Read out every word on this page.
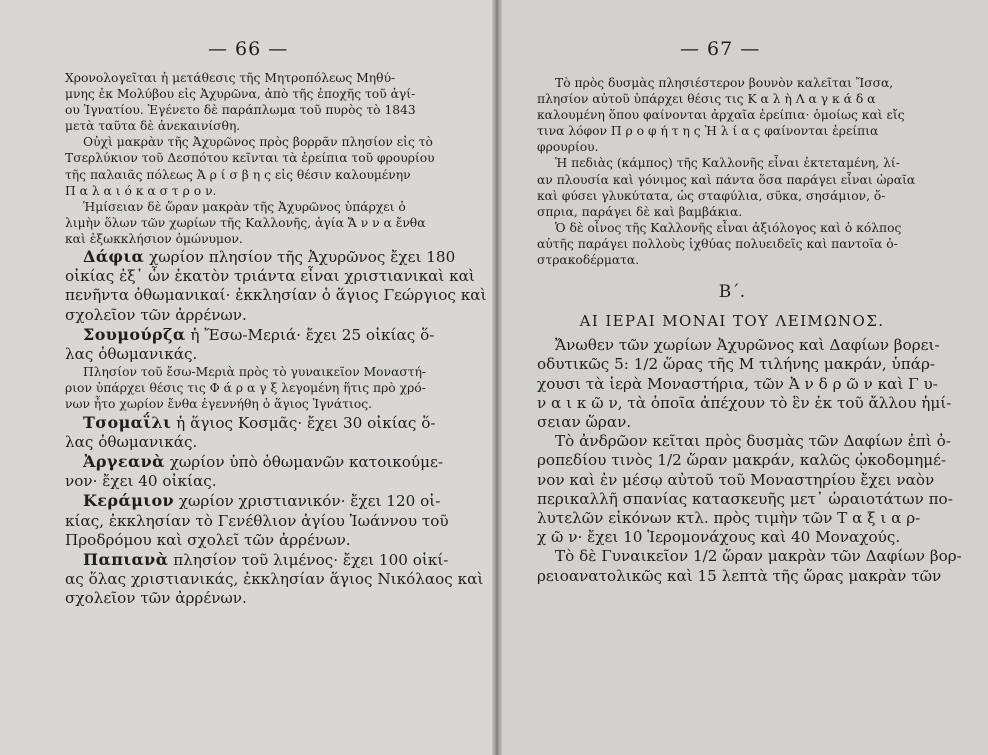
— 66 —
Χρονολογεῖται ἡ μετάθεσις τῆς Μητροπόλεως Μηθύ-
μνης ἐκ Μολύβου εἰς Ἀχυρῶνα, ἀπὸ τῆς ἐποχῆς τοῦ ἁγί-
ου Ἰγνατίου. Ἐγένετο δὲ παράπλωμα τοῦ πυρὸς τὸ 1843
μετὰ ταῦτα δὲ ἀνεκαινίσθη.
Οὐχὶ μακρὰν τῆς Ἀχυρῶνος πρὸς βορρᾶν πλησίον εἰς τὸ
Τσερλύκιον τοῦ Δεσπότου κεῖνται τὰ ἐρείπια τοῦ φρουρίου
τῆς παλαιᾶς πόλεως Ἀ ρ ί σ β η ς εἰς θέσιν καλουμένην
Π α λ α ι ό κ α σ τ ρ ο ν.
Ἡμίσειαν δὲ ὥραν μακρὰν τῆς Ἀχυρῶνος ὑπάρχει ὁ
λιμὴν ὅλων τῶν χωρίων τῆς Καλλονῆς, ἁγία Ἄ ν ν α ἔνθα
καὶ ἐξωκκλήσιον ὁμώνυμον.
Δάφια χωρίον πλησίον τῆς Ἀχυρῶνος ἔχει 180
οἰκίας ἐξ᾽ ὧν ἑκατὸν τριάντα εἶναι χριστιανικαὶ καὶ
πενῆντα ὀθωμανικαί· ἐκκλησίαν ὁ ἅγιος Γεώργιος καὶ
σχολεῖον τῶν ἀρρένων.
Σουμούρζα ἡ Ἔσω-Μεριά· ἔχει 25 οἰκίας ὅ-
λας ὀθωμανικάς.
Πλησίον τοῦ ἔσω-Μεριὰ πρὸς τὸ γυναικεῖον Μοναστή-
ριον ὑπάρχει θέσις τις Φ ά ρ α γ ξ λεγομένη ἥτις πρὸ χρό-
νων ἦτο χωρίον ἔνθα ἐγεννήθη ὁ ἅγιος Ἰγνάτιος.
Τσομαΐλι ἡ ἅγιος Κοσμᾶς· ἔχει 30 οἰκίας ὅ-
λας ὀθωμανικάς.
Ἀργεανὰ χωρίον ὑπὸ ὀθωμανῶν κατοικούμε-
νον· ἔχει 40 οἰκίας.
Κεράμιον χωρίον χριστιανικόν· ἔχει 120 οἰ-
κίας, ἐκκλησίαν τὸ Γενέθλιον ἁγίου Ἰωάννου τοῦ
Προδρόμου καὶ σχολεῖ τῶν ἀρρένων.
Παπιανὰ πλησίον τοῦ λιμένος· ἔχει 100 οἰκί-
ας ὅλας χριστιανικάς, ἐκκλησίαν ἅγιος Νικόλαος καὶ
σχολεῖον τῶν ἀρρένων.
— 67 —
Τὸ πρὸς δυσμὰς πλησιέστερον βουνὸν καλεῖται Ἴσσα,
πλησίον αὐτοῦ ὑπάρχει θέσις τις Κ α λ ὴ Λ α γ κ ά δ α
καλουμένη ὅπου φαίνονται ἀρχαῖα ἐρείπια· ὁμοίως καὶ εἴς
τινα λόφον Π ρ ο φ ή τ η ς Ἠ λ ί α ς φαίνονται ἐρείπια
φρουρίου.
Ἡ πεδιὰς (κάμπος) τῆς Καλλονῆς εἶναι ἐκτεταμένη, λί-
αν πλουσία καὶ γόνιμος καὶ πάντα ὅσα παράγει εἶναι ὡραῖα
καὶ φύσει γλυκύτατα, ὡς σταφύλια, σῦκα, σησάμιον, ὄ-
σπρια, παράγει δὲ καὶ βαμβάκια.
Ὁ δὲ οἶνος τῆς Καλλονῆς εἶναι ἀξιόλογος καὶ ὁ κόλπος
αὐτῆς παράγει πολλοὺς ἰχθύας πολυειδεῖς καὶ παντοῖα ὀ-
στρακοδέρματα.
Β΄.
ΑΙ ΙΕΡΑΙ ΜΟΝΑΙ ΤΟΥ ΛΕΙΜΩΝΟΣ.
Ἄνωθεν τῶν χωρίων Ἀχυρῶνος καὶ Δαφίων βορει-
οδυτικῶς 5: 1/2 ὥρας τῆς Μ τιλήνης μακράν, ὑπάρ-
χουσι τὰ ἱερὰ Μοναστήρια, τῶν Ἀ ν δ ρ ῶ ν καὶ Γ υ-
ν α ι κ ῶ ν, τὰ ὁποῖα ἀπέχουν τὸ ἓν ἐκ τοῦ ἄλλου ἡμί-
σειαν ὥραν.
Τὸ ἀνδρῶον κεῖται πρὸς δυσμὰς τῶν Δαφίων ἐπὶ ὀ-
ροπεδίου τινὸς 1/2 ὥραν μακράν, καλῶς ᾠκοδομημέ-
νον καὶ ἐν μέσῳ αὐτοῦ τοῦ Μοναστηρίου ἔχει ναὸν
περικαλλῆ σπανίας κατασκευῆς μετ᾽ ὡραιοτάτων πο-
λυτελῶν εἰκόνων κτλ. πρὸς τιμὴν τῶν Τ α ξ ι α ρ-
χ ῶ ν· ἔχει 10 Ἱερομονάχους καὶ 40 Μοναχούς.
Τὸ δὲ Γυναικεῖον 1/2 ὥραν μακρὰν τῶν Δαφίων βορ-
ρειοανατολικῶς καὶ 15 λεπτὰ τῆς ὥρας μακρὰν τῶν
